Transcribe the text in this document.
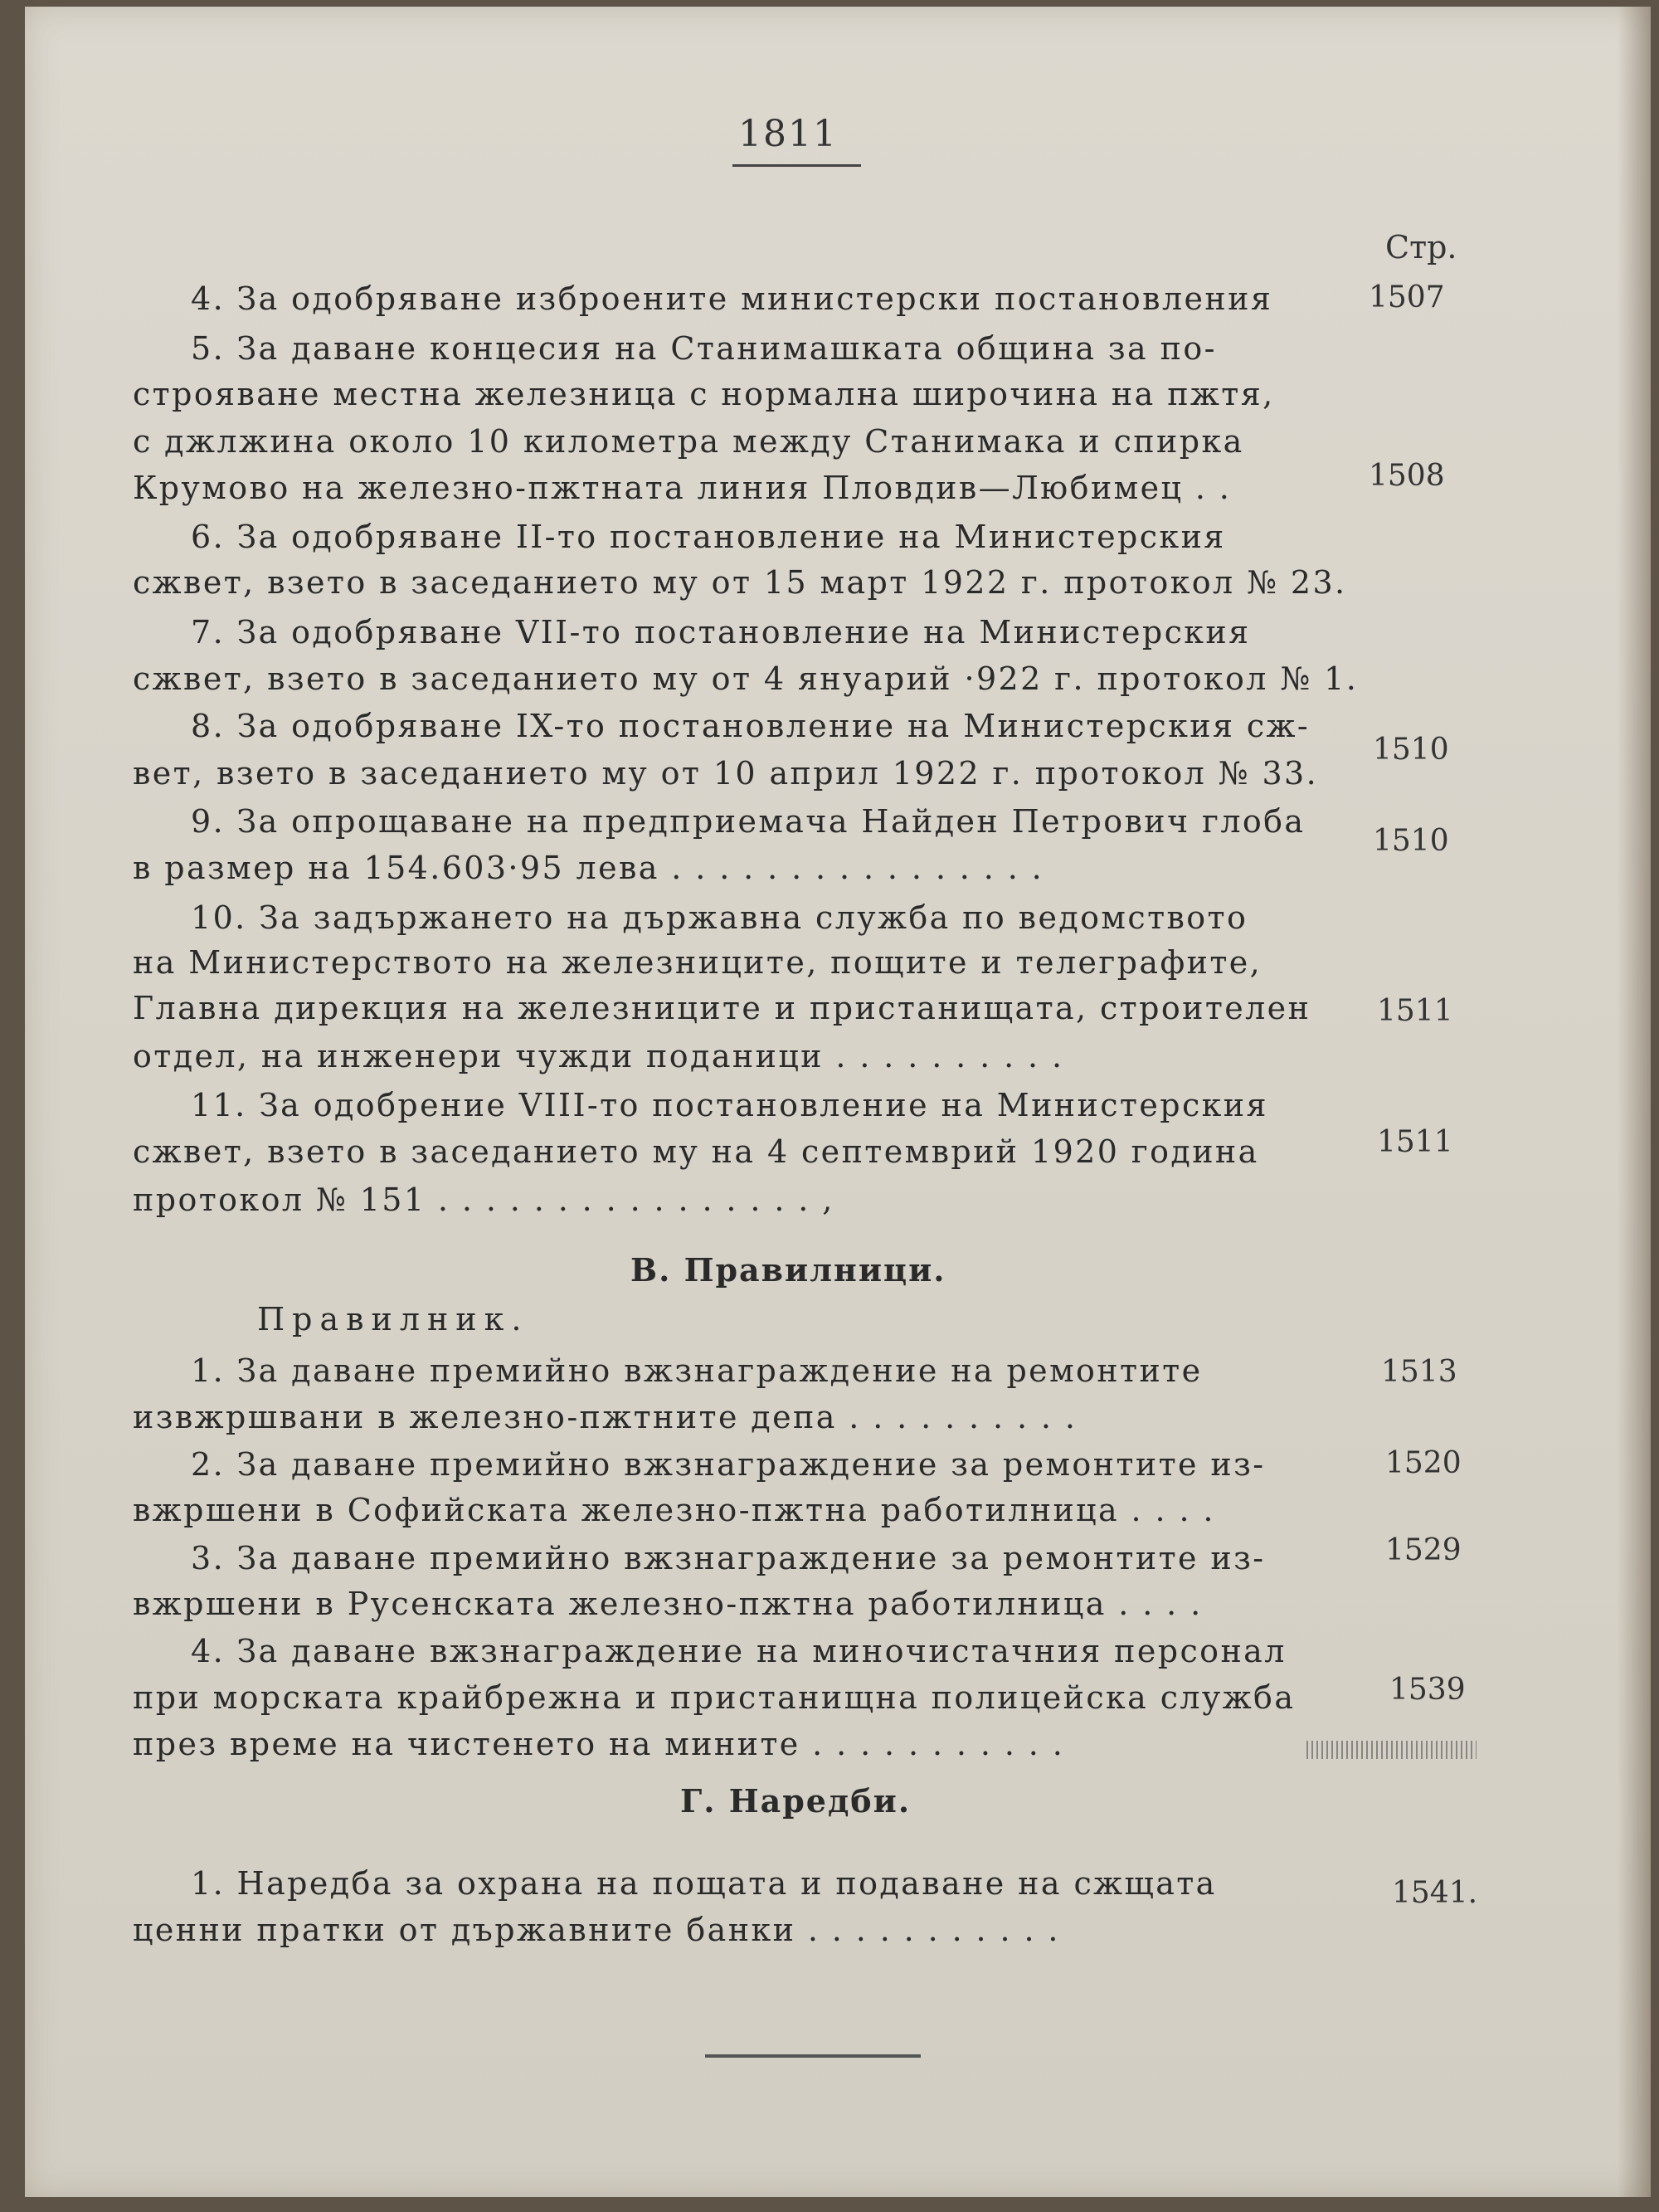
1811
Стр.
4. За одобряване изброените министерски постановления	1507
5. За даване концесия на Станимашката община за по-
строяване местна железница с нормална широчина на пжтя,
с джлжина около 10 километра между Станимака и спирка
Крумово на железно-пжтната линия Пловдив—Любимец . .	1508
6. За одобряване II-то постановление на Министерския
сжвет, взето в заседанието му от 15 март 1922 г. протокол № 23.
7. За одобряване VII-то постановление на Министерския
сжвет, взето в заседанието му от 4 януарий ·922 г. протокол № 1.
8. За одобряване IX-то постановление на Министерския сж-
вет, взето в заседанието му от 10 април 1922 г. протокол № 33.
1510
9. За опрощаване на предприемача Найден Петрович глоба
в размер на 154.603·95 лева . . . . . . . . . . . . . . . .
1510
10. За задържането на държавна служба по ведомството
на Министерството на железниците, пощите и телеграфите,
Главна дирекция на железниците и пристанищата, строителен
отдел, на инженери чужди поданици . . . . . . . . . .
1511
11. За одобрение VIII-то постановление на Министерския
сжвет, взето в заседанието му на 4 септемврий 1920 година
протокол № 151 . . . . . . . . . . . . . . . . ,
1511
В. Правилници.
Правилник.
1. За даване премийно вжзнаграждение на ремонтите
извжршвани в железно-пжтните депа . . . . . . . . . .
1513
2. За даване премийно вжзнаграждение за ремонтите из-
вжршени в Софийската железно-пжтна работилница . . . .
1520
3. За даване премийно вжзнаграждение за ремонтите из-
вжршени в Русенската железно-пжтна работилница . . . .
1529
4. За даване вжзнаграждение на миночистачния персонал
при морската крайбрежна и пристанищна полицейска служба
през време на чистенето на мините . . . . . . . . . . .
1539
Г. Наредби.
1. Наредба за охрана на пощата и подаване на сжщата
ценни пратки от държавните банки . . . . . . . . . . .
1541.
